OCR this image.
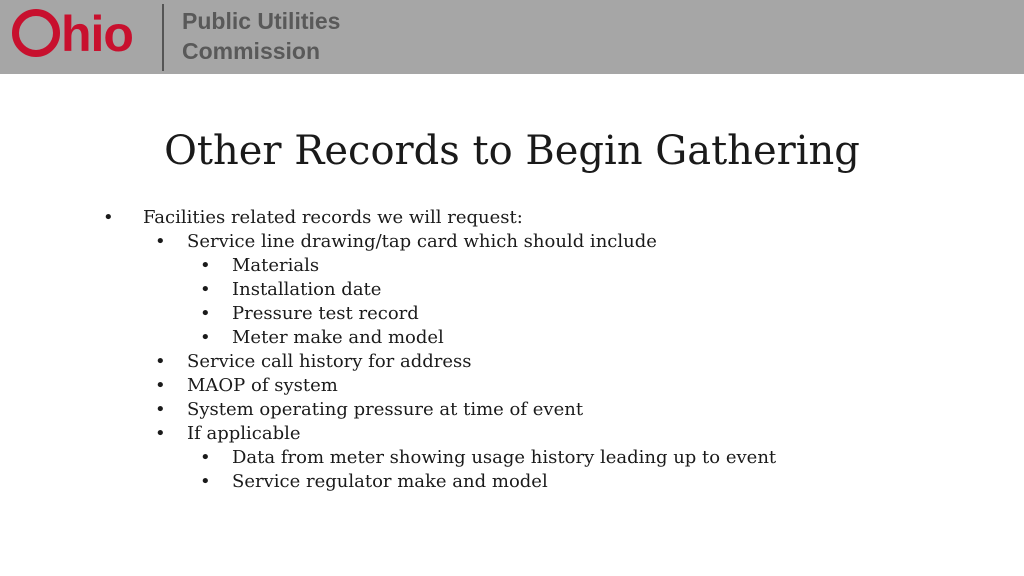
hio Public Utilities
Commission
Other Records to Begin Gathering
• Facilities related records we will request:
• Service line drawing/tap card which should include
• Materials
• Installation date
• Pressure test record
• Meter make and model
• Service call history for address
• MAOP of system
• System operating pressure at time of event
• If applicable
• Data from meter showing usage history leading up to event
• Service regulator make and model
